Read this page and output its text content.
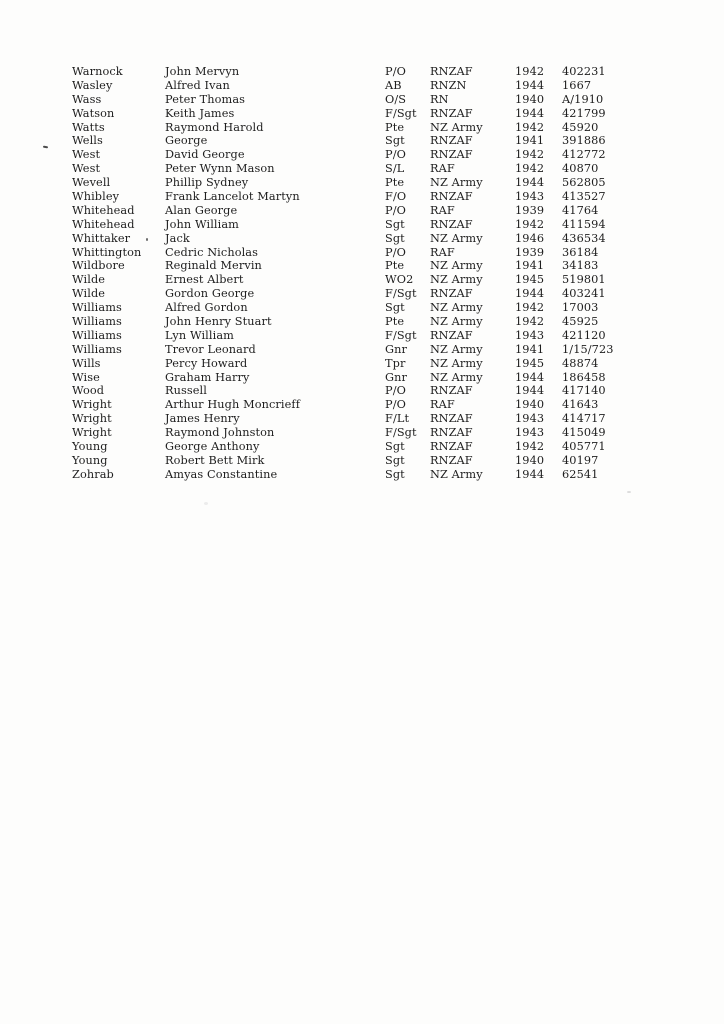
Warnock	John Mervyn	P/O	RNZAF	1942	402231
Wasley	Alfred Ivan	AB	RNZN	1944	1667
Wass	Peter Thomas	O/S	RN	1940	A/1910
Watson	Keith James	F/Sgt	RNZAF	1944	421799
Watts	Raymond Harold	Pte	NZ Army	1942	45920
Wells	George	Sgt	RNZAF	1941	391886
West	David George	P/O	RNZAF	1942	412772
West	Peter Wynn Mason	S/L	RAF	1942	40870
Wevell	Phillip Sydney	Pte	NZ Army	1944	562805
Whibley	Frank Lancelot Martyn	F/O	RNZAF	1943	413527
Whitehead	Alan George	P/O	RAF	1939	41764
Whitehead	John William	Sgt	RNZAF	1942	411594
Whittaker	Jack	Sgt	NZ Army	1946	436534
Whittington	Cedric Nicholas	P/O	RAF	1939	36184
Wildbore	Reginald Mervin	Pte	NZ Army	1941	34183
Wilde	Ernest Albert	WO2	NZ Army	1945	519801
Wilde	Gordon George	F/Sgt	RNZAF	1944	403241
Williams	Alfred Gordon	Sgt	NZ Army	1942	17003
Williams	John Henry Stuart	Pte	NZ Army	1942	45925
Williams	Lyn William	F/Sgt	RNZAF	1943	421120
Williams	Trevor Leonard	Gnr	NZ Army	1941	1/15/723
Wills	Percy Howard	Tpr	NZ Army	1945	48874
Wise	Graham Harry	Gnr	NZ Army	1944	186458
Wood	Russell	P/O	RNZAF	1944	417140
Wright	Arthur Hugh Moncrieff	P/O	RAF	1940	41643
Wright	James Henry	F/Lt	RNZAF	1943	414717
Wright	Raymond Johnston	F/Sgt	RNZAF	1943	415049
Young	George Anthony	Sgt	RNZAF	1942	405771
Young	Robert Bett Mirk	Sgt	RNZAF	1940	40197
Zohrab	Amyas Constantine	Sgt	NZ Army	1944	62541
